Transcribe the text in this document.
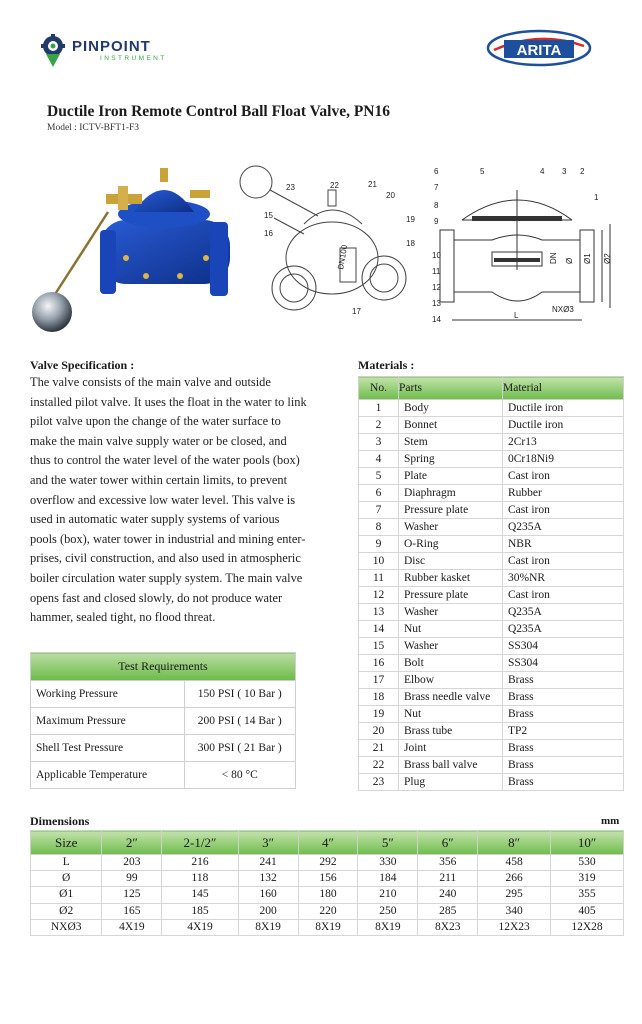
PINPOINT
INSTRUMENT	ARITA
Ductile Iron Remote Control Ball Float Valve, PN16
Model : ICTV-BFT1-F3
23	22	21
20
19
18
15
16
17
DN100
6	5	4 3 2
1
7
8
9
10
11
12
13
14
DN Ø Ø1 Ø2
NXØ3
L
Valve Specification :
The valve consists of the main valve and outside
installed pilot valve. It uses the float in the water to link
pilot valve upon the change of the water surface to
make the main valve supply water or be closed, and
thus to control the water level of the water pools (box)
and the water tower within certain limits, to prevent
overflow and excessive low water level. This valve is
used in automatic water supply systems of various
pools (box), water tower in industrial and mining enter-
prises, civil construction, and also used in atmospheric
boiler circulation water supply system. The main valve
opens fast and closed slowly, do not produce water
hammer, sealed tight, no flood threat.
Test Requirements	
Working Pressure	150 PSI ( 10 Bar )
Maximum Pressure	200 PSI ( 14 Bar )
Shell Test Pressure	300 PSI ( 21 Bar )
Applicable Temperature	< 80 °C
Materials :
No.	Parts	Material
1	Body	Ductile iron
2	Bonnet	Ductile iron
3	Stem	2Cr13
4	Spring	0Cr18Ni9
5	Plate	Cast iron
6	Diaphragm	Rubber
7	Pressure plate	Cast iron
8	Washer	Q235A
9	O-Ring	NBR
10	Disc	Cast iron
11	Rubber kasket	30%NR
12	Pressure plate	Cast iron
13	Washer	Q235A
14	Nut	Q235A
15	Washer	SS304
16	Bolt	SS304
17	Elbow	Brass
18	Brass needle valve	Brass
19	Nut	Brass
20	Brass tube	TP2
21	Joint	Brass
22	Brass ball valve	Brass
23	Plug	Brass
Dimensions	mm
Size	2″	2-1/2″	3″	4″	5″	6″	8″	10″
L	203	216	241	292	330	356	458	530
Ø	99	118	132	156	184	211	266	319
Ø1	125	145	160	180	210	240	295	355
Ø2	165	185	200	220	250	285	340	405
NXØ3	4X19	4X19	8X19	8X19	8X19	8X23	12X23	12X28
